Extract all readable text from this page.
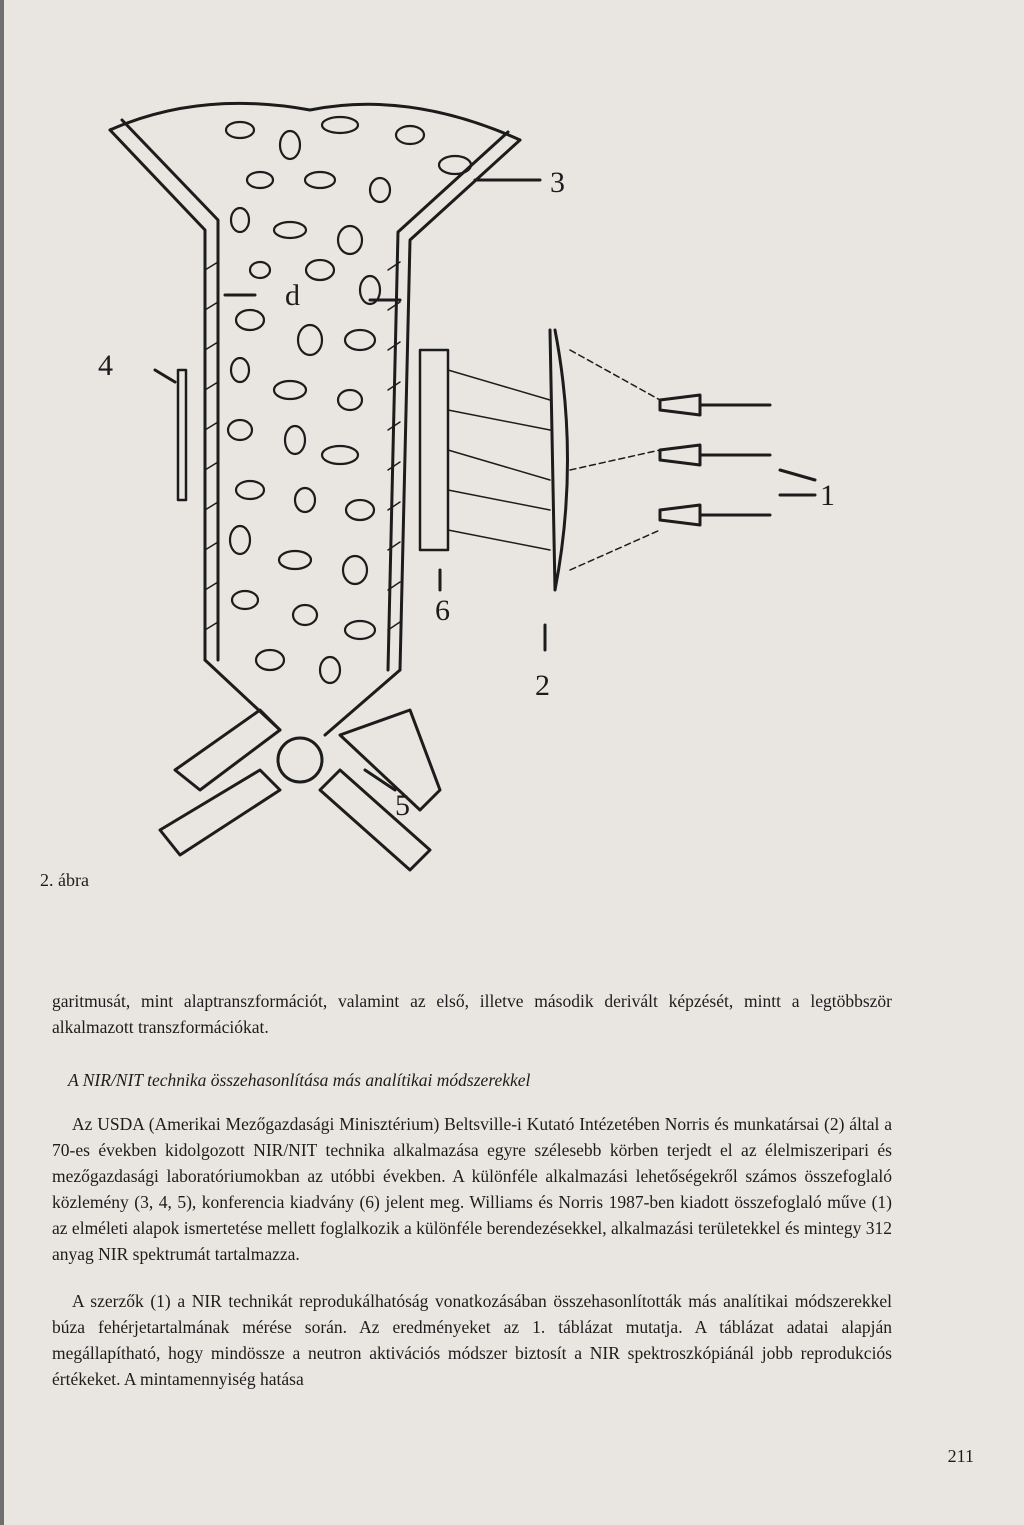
3
d
4
1
6
2
5
2. ábra
garitmusát, mint alaptranszformációt, valamint az első, illetve második derivált képzését, mintt a legtöbbször alkalmazott transzformációkat.
A NIR/NIT technika összehasonlítása más analítikai módszerekkel
Az USDA (Amerikai Mezőgazdasági Minisztérium) Beltsville-i Kutató Intézetében Norris és munkatársai (2) által a 70-es években kidolgozott NIR/NIT technika alkalmazása egyre szélesebb körben terjedt el az élelmiszeripari és mezőgazdasági laboratóriumokban az utóbbi években. A különféle alkalmazási lehetőségekről számos összefoglaló közlemény (3, 4, 5), konferencia kiadvány (6) jelent meg. Williams és Norris 1987-ben kiadott összefoglaló műve (1) az elméleti alapok ismertetése mellett foglalkozik a különféle berendezésekkel, alkalmazási területekkel és mintegy 312 anyag NIR spektrumát tartalmazza.
A szerzők (1) a NIR technikát reprodukálhatóság vonatkozásában összehasonlították más analítikai módszerekkel búza fehérjetartalmának mérése során. Az eredményeket az 1. táblázat mutatja. A táblázat adatai alapján megállapítható, hogy mindössze a neutron aktivációs módszer biztosít a NIR spektroszkópiánál jobb reprodukciós értékeket. A mintamennyiség hatása
211
